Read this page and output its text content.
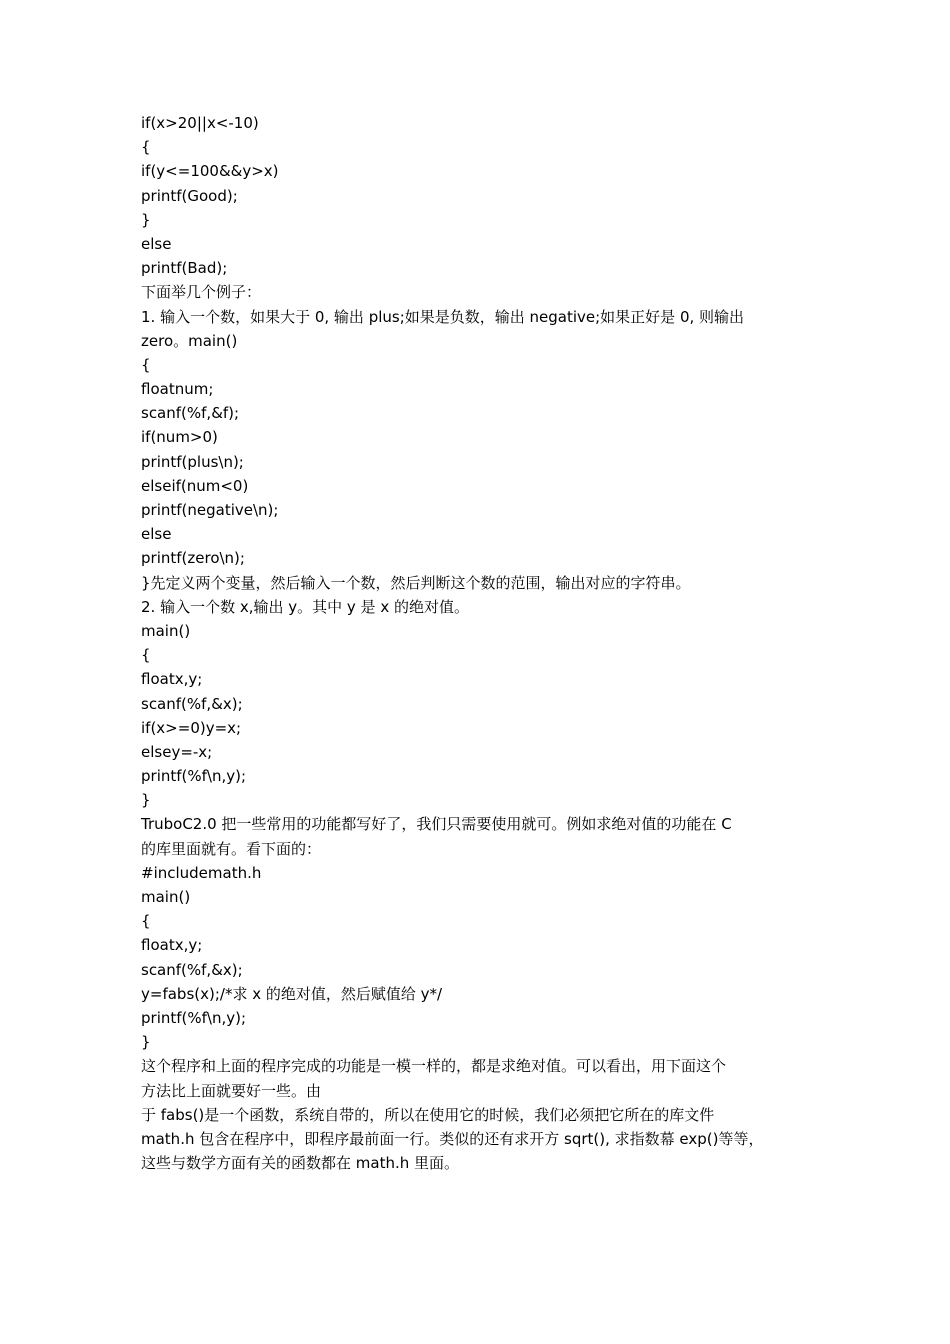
if(x>20||x<-10)
{
if(y<=100&&y>x)
printf(Good);
}
else
printf(Bad);
下面举几个例子：
1. 输入一个数，如果大于 0, 输出 plus;如果是负数，输出 negative;如果正好是 0, 则输出
zero。main()
{
floatnum;
scanf(%f,&f);
if(num>0)
printf(plus\n);
elseif(num<0)
printf(negative\n);
else
printf(zero\n);
}先定义两个变量，然后输入一个数，然后判断这个数的范围，输出对应的字符串。
2. 输入一个数 x,输出 y。其中 y 是 x 的绝对值。
main()
{
floatx,y;
scanf(%f,&x);
if(x>=0)y=x;
elsey=-x;
printf(%f\n,y);
}
TruboC2.0 把一些常用的功能都写好了，我们只需要使用就可。例如求绝对值的功能在 C
的库里面就有。看下面的：
#includemath.h
main()
{
floatx,y;
scanf(%f,&x);
y=fabs(x);/*求 x 的绝对值，然后赋值给 y*/
printf(%f\n,y);
}
这个程序和上面的程序完成的功能是一模一样的，都是求绝对值。可以看出，用下面这个
方法比上面就要好一些。由
于 fabs()是一个函数，系统自带的，所以在使用它的时候，我们必须把它所在的库文件
math.h 包含在程序中，即程序最前面一行。类似的还有求开方 sqrt(), 求指数幕 exp()等等，
这些与数学方面有关的函数都在 math.h 里面。
